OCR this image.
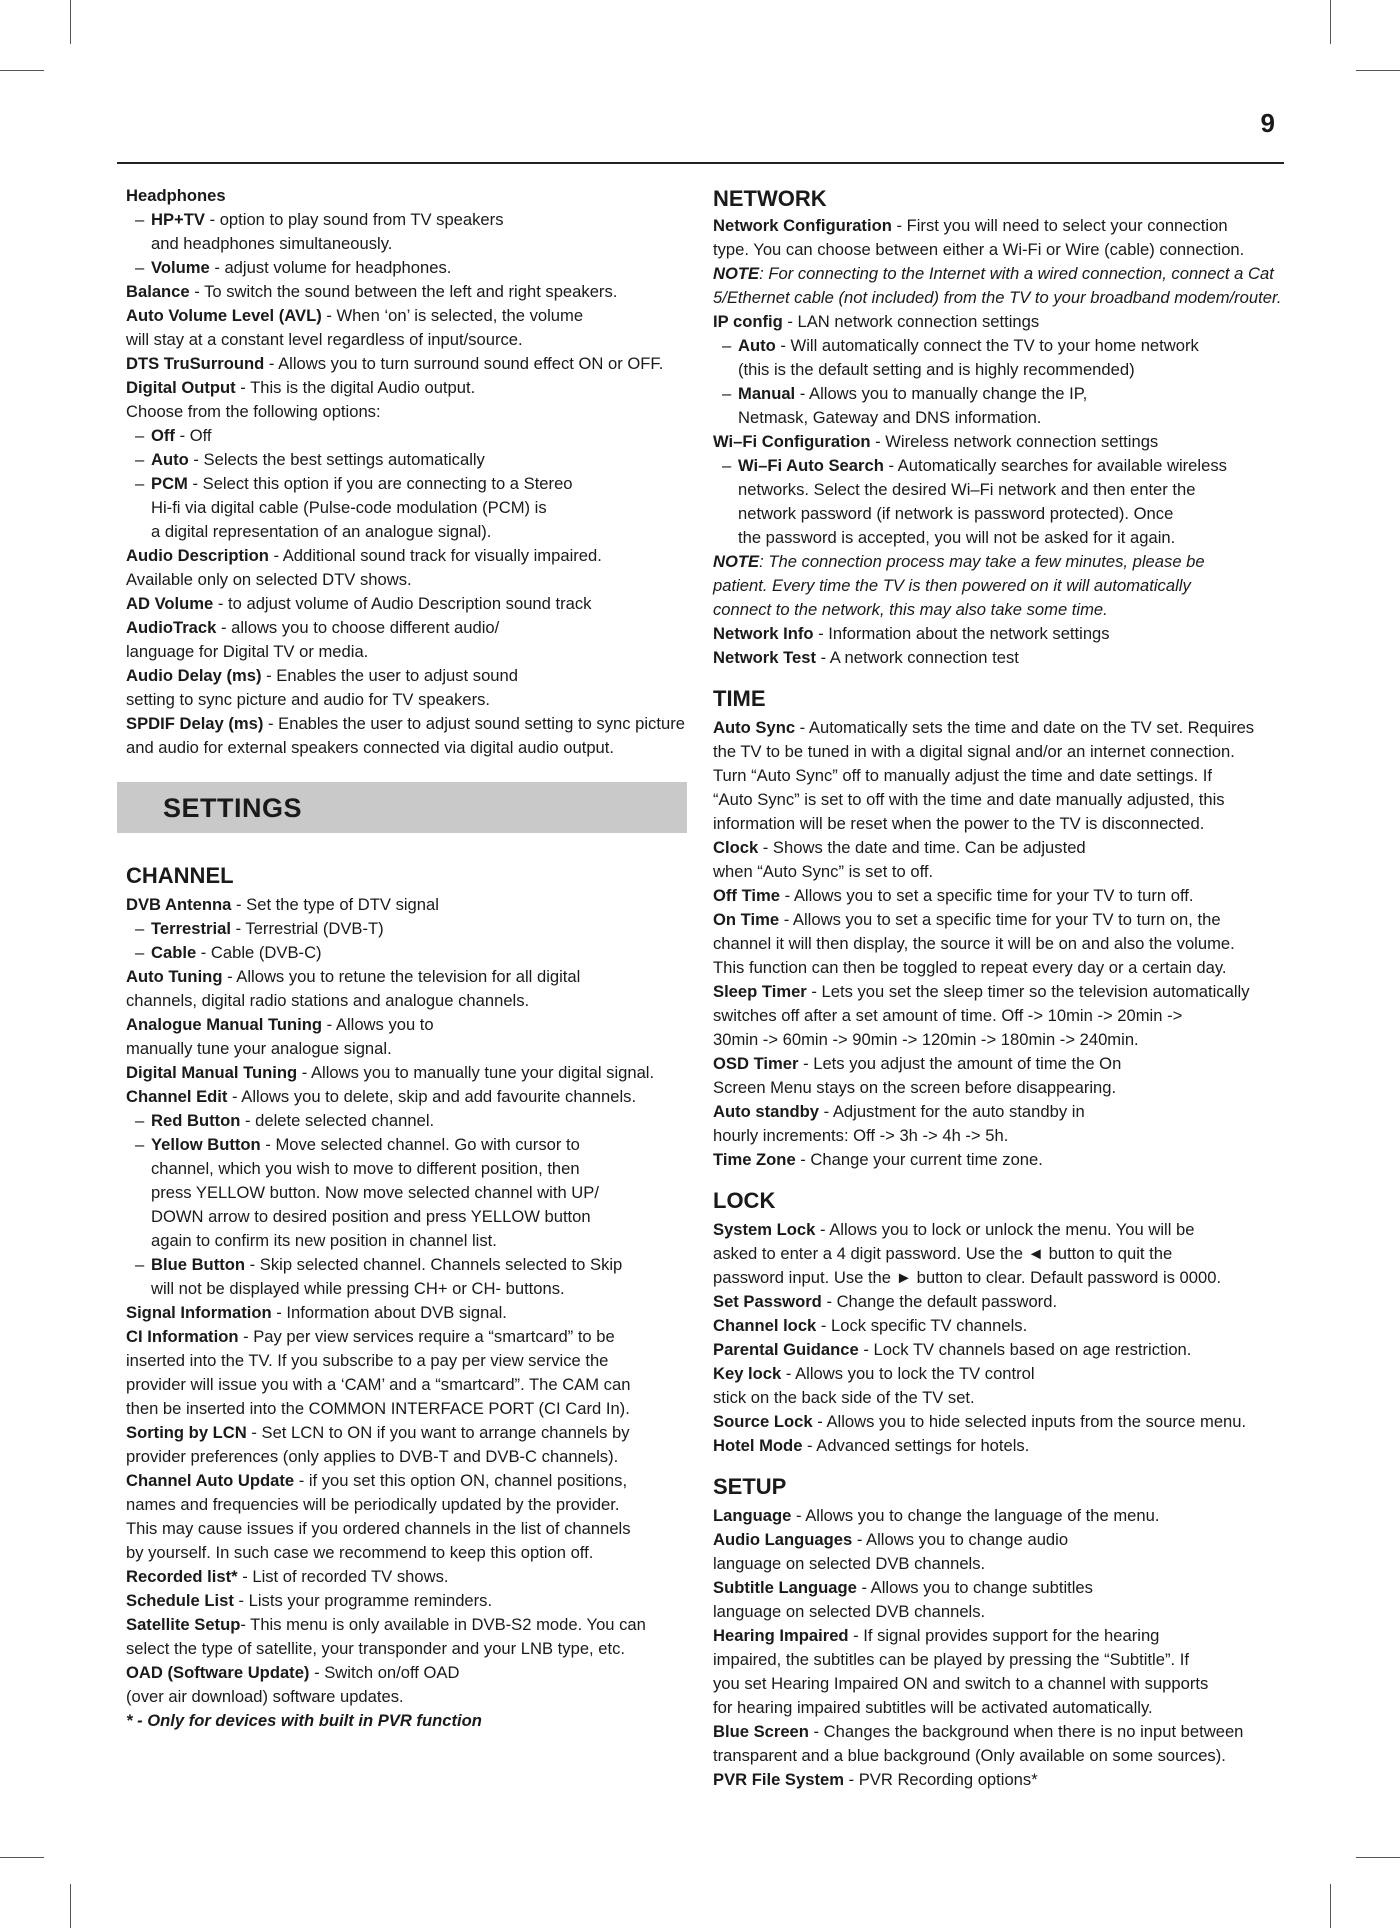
9
Headphones
– HP+TV - option to play sound from TV speakers
and headphones simultaneously.
– Volume - adjust volume for headphones.
Balance - To switch the sound between the left and right speakers.
Auto Volume Level (AVL) - When ‘on’ is selected, the volume
will stay at a constant level regardless of input/source.
DTS TruSurround - Allows you to turn surround sound effect ON or OFF.
Digital Output - This is the digital Audio output.
Choose from the following options:
– Off - Off
– Auto - Selects the best settings automatically
– PCM - Select this option if you are connecting to a Stereo
Hi-fi via digital cable (Pulse-code modulation (PCM) is
a digital representation of an analogue signal).
Audio Description - Additional sound track for visually impaired.
Available only on selected DTV shows.
AD Volume - to adjust volume of Audio Description sound track
AudioTrack - allows you to choose different audio/
language for Digital TV or media.
Audio Delay (ms) - Enables the user to adjust sound
setting to sync picture and audio for TV speakers.
SPDIF Delay (ms) - Enables the user to adjust sound setting to sync picture
and audio for external speakers connected via digital audio output.
SETTINGS
CHANNEL
DVB Antenna - Set the type of DTV signal
– Terrestrial - Terrestrial (DVB-T)
– Cable - Cable (DVB-C)
Auto Tuning - Allows you to retune the television for all digital
channels, digital radio stations and analogue channels.
Analogue Manual Tuning - Allows you to
manually tune your analogue signal.
Digital Manual Tuning - Allows you to manually tune your digital signal.
Channel Edit - Allows you to delete, skip and add favourite channels.
– Red Button - delete selected channel.
– Yellow Button - Move selected channel. Go with cursor to
channel, which you wish to move to different position, then
press YELLOW button. Now move selected channel with UP/
DOWN arrow to desired position and press YELLOW button
again to confirm its new position in channel list.
– Blue Button - Skip selected channel. Channels selected to Skip
will not be displayed while pressing CH+ or CH- buttons.
Signal Information - Information about DVB signal.
CI Information - Pay per view services require a “smartcard” to be
inserted into the TV. If you subscribe to a pay per view service the
provider will issue you with a ‘CAM’ and a “smartcard”. The CAM can
then be inserted into the COMMON INTERFACE PORT (CI Card In).
Sorting by LCN - Set LCN to ON if you want to arrange channels by
provider preferences (only applies to DVB-T and DVB-C channels).
Channel Auto Update - if you set this option ON, channel positions,
names and frequencies will be periodically updated by the provider.
This may cause issues if you ordered channels in the list of channels
by yourself. In such case we recommend to keep this option off.
Recorded list* - List of recorded TV shows.
Schedule List - Lists your programme reminders.
Satellite Setup- This menu is only available in DVB-S2 mode. You can
select the type of satellite, your transponder and your LNB type, etc.
OAD (Software Update) - Switch on/off OAD
(over air download) software updates.
* - Only for devices with built in PVR function
NETWORK
Network Configuration - First you will need to select your connection
type. You can choose between either a Wi-Fi or Wire (cable) connection.
NOTE: For connecting to the Internet with a wired connection, connect a Cat
5/Ethernet cable (not included) from the TV to your broadband modem/router.
IP config - LAN network connection settings
– Auto - Will automatically connect the TV to your home network
(this is the default setting and is highly recommended)
– Manual - Allows you to manually change the IP,
Netmask, Gateway and DNS information.
Wi–Fi Configuration - Wireless network connection settings
– Wi–Fi Auto Search - Automatically searches for available wireless
networks. Select the desired Wi–Fi network and then enter the
network password (if network is password protected). Once
the password is accepted, you will not be asked for it again.
NOTE: The connection process may take a few minutes, please be
patient. Every time the TV is then powered on it will automatically
connect to the network, this may also take some time.
Network Info - Information about the network settings
Network Test - A network connection test
TIME
Auto Sync - Automatically sets the time and date on the TV set. Requires
the TV to be tuned in with a digital signal and/or an internet connection.
Turn “Auto Sync” off to manually adjust the time and date settings. If
“Auto Sync” is set to off with the time and date manually adjusted, this
information will be reset when the power to the TV is disconnected.
Clock - Shows the date and time. Can be adjusted
when “Auto Sync” is set to off.
Off Time - Allows you to set a specific time for your TV to turn off.
On Time - Allows you to set a specific time for your TV to turn on, the
channel it will then display, the source it will be on and also the volume.
This function can then be toggled to repeat every day or a certain day.
Sleep Timer - Lets you set the sleep timer so the television automatically
switches off after a set amount of time. Off -> 10min -> 20min ->
30min -> 60min -> 90min -> 120min -> 180min -> 240min.
OSD Timer - Lets you adjust the amount of time the On
Screen Menu stays on the screen before disappearing.
Auto standby - Adjustment for the auto standby in
hourly increments: Off -> 3h -> 4h -> 5h.
Time Zone - Change your current time zone.
LOCK
System Lock - Allows you to lock or unlock the menu. You will be
asked to enter a 4 digit password. Use the ◄ button to quit the
password input. Use the ► button to clear. Default password is 0000.
Set Password - Change the default password.
Channel lock - Lock specific TV channels.
Parental Guidance - Lock TV channels based on age restriction.
Key lock - Allows you to lock the TV control
stick on the back side of the TV set.
Source Lock - Allows you to hide selected inputs from the source menu.
Hotel Mode - Advanced settings for hotels.
SETUP
Language - Allows you to change the language of the menu.
Audio Languages - Allows you to change audio
language on selected DVB channels.
Subtitle Language - Allows you to change subtitles
language on selected DVB channels.
Hearing Impaired - If signal provides support for the hearing
impaired, the subtitles can be played by pressing the “Subtitle”. If
you set Hearing Impaired ON and switch to a channel with supports
for hearing impaired subtitles will be activated automatically.
Blue Screen - Changes the background when there is no input between
transparent and a blue background (Only available on some sources).
PVR File System - PVR Recording options*
